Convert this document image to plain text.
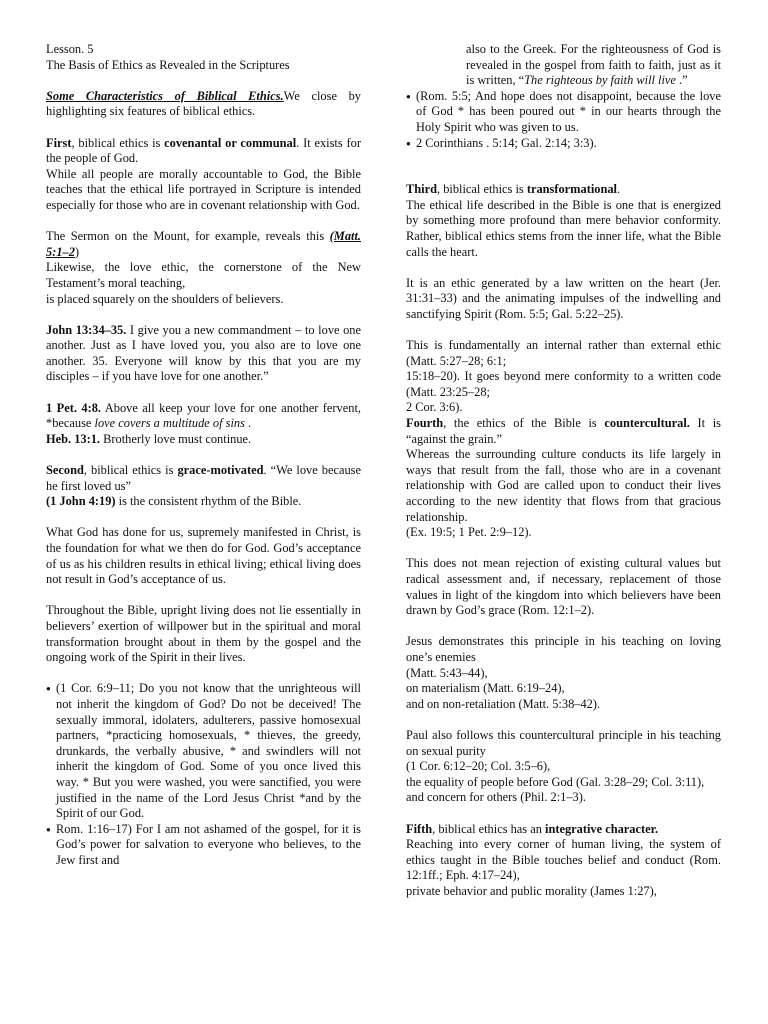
Lesson. 5

The Basis of Ethics as Revealed in the Scriptures

Some Characteristics of Biblical Ethics.We close by highlighting six features of biblical ethics.

First, biblical ethics is covenantal or communal. It exists for the people of God.

While all people are morally accountable to God, the Bible teaches that the ethical life portrayed in Scripture is intended especially for those who are in covenant relationship with God.

The Sermon on the Mount, for example, reveals this (Matt. 5:1–2)

Likewise, the love ethic, the cornerstone of the New Testament’s moral teaching,

is placed squarely on the shoulders of believers.

John 13:34–35. I give you a new commandment – to love one another. Just as I have loved you, you also are to love one another. 35. Everyone will know by this that you are my disciples – if you have love for one another.”

1 Pet. 4:8. Above all keep your love for one another fervent, *because love covers a multitude of sins .

Heb. 13:1. Brotherly love must continue.

Second, biblical ethics is grace-motivated. “We love because he first loved us”

(1 John 4:19) is the consistent rhythm of the Bible.

What God has done for us, supremely manifested in Christ, is the foundation for what we then do for God. God’s acceptance of us as his children results in ethical living; ethical living does not result in God’s acceptance of us.

Throughout the Bible, upright living does not lie essentially in believers’ exertion of willpower but in the spiritual and moral transformation brought about in them by the gospel and the ongoing work of the Spirit in their lives.

● (1 Cor. 6:9–11; Do you not know that the unrighteous will not inherit the kingdom of God? Do not be deceived! The sexually immoral, idolaters, adulterers, passive homosexual partners, *practicing homosexuals, * thieves, the greedy, drunkards, the verbally abusive, * and swindlers will not inherit the kingdom of God. Some of you once lived this way. * But you were washed, you were sanctified, you were justified in the name of the Lord Jesus Christ *and by the Spirit of our God.
● Rom. 1:16–17) For I am not ashamed of the gospel, for it is God’s power for salvation to everyone who believes, to the Jew first and

also to the Greek. For the righteousness of God is revealed in the gospel from faith to faith, just as it is written, “The righteous by faith will live .”

● (Rom. 5:5; And hope does not disappoint, because the love of God * has been poured out * in our hearts through the Holy Spirit who was given to us.
● 2 Corinthians . 5:14; Gal. 2:14; 3:3).

Third, biblical ethics is transformational.

The ethical life described in the Bible is one that is energized by something more profound than mere behavior conformity. Rather, biblical ethics stems from the inner life, what the Bible calls the heart.

It is an ethic generated by a law written on the heart (Jer. 31:31–33) and the animating impulses of the indwelling and sanctifying Spirit (Rom. 5:5; Gal. 5:22–25).

This is fundamentally an internal rather than external ethic (Matt. 5:27–28; 6:1;

15:18–20). It goes beyond mere conformity to a written code (Matt. 23:25–28;

2 Cor. 3:6).

Fourth, the ethics of the Bible is countercultural. It is “against the grain.”

Whereas the surrounding culture conducts its life largely in ways that result from the fall, those who are in a covenant relationship with God are called upon to conduct their lives according to the new identity that flows from that gracious relationship.

(Ex. 19:5; 1 Pet. 2:9–12).

This does not mean rejection of existing cultural values but radical assessment and, if necessary, replacement of those values in light of the kingdom into which believers have been drawn by God’s grace (Rom. 12:1–2).

Jesus demonstrates this principle in his teaching on loving one’s enemies

(Matt. 5:43–44),

on materialism (Matt. 6:19–24),

and on non-retaliation (Matt. 5:38–42).

Paul also follows this countercultural principle in his teaching on sexual purity

(1 Cor. 6:12–20; Col. 3:5–6),

the equality of people before God (Gal. 3:28–29; Col. 3:11),

and concern for others (Phil. 2:1–3).

Fifth, biblical ethics has an integrative character.

Reaching into every corner of human living, the system of ethics taught in the Bible touches belief and conduct (Rom. 12:1ff.; Eph. 4:17–24),

private behavior and public morality (James 1:27),
